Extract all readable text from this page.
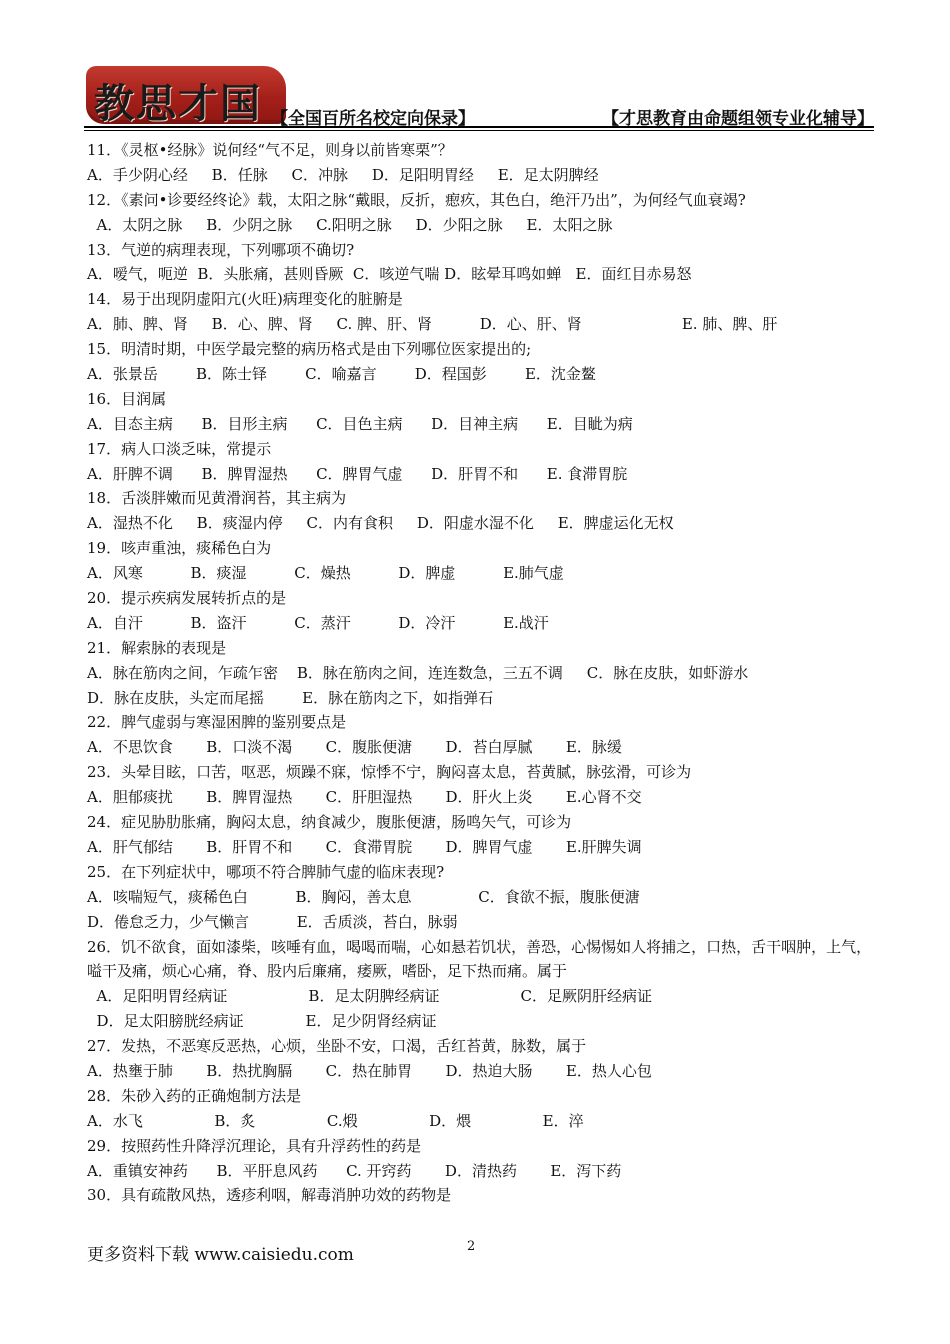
教思才国 【全国百所名校定向保录】	【才思教育由命题组领专业化辅导】
11．《灵枢•经脉》说何经“气不足，则身以前皆寒栗”？
A．手少阴心经     B．任脉     C．冲脉     D．足阳明胃经     E．足太阴脾经
12．《素问•诊要经终论》载，太阳之脉“戴眼，反折，瘛疚，其色白，绝汗乃出”，为何经气血衰竭?
A．太阴之脉     B．少阴之脉     C.阳明之脉     D．少阳之脉     E．太阳之脉
13．气逆的病理表现，下列哪项不确切?
A．嗳气，呃逆  B．头胀痛，甚则昏厥  C．咳逆气喘 D．眩晕耳鸣如蝉   E．面红目赤易怒
14．易于出现阴虚阳亢(火旺)病理变化的脏腑是
A．肺、脾、肾     B．心、脾、肾     C. 脾、肝、肾          D．心、肝、肾                     E. 肺、脾、肝
15．明清时期，中医学最完整的病历格式是由下列哪位医家提出的;
A．张景岳        B．陈士铎        C．喻嘉言        D．程国彭        E．沈金鳌
16．目润属
A．目态主病      B．目形主病      C．目色主病      D．目神主病      E．目眦为病
17．病人口淡乏味，常提示
A．肝脾不调      B．脾胃湿热      C．脾胃气虚      D．肝胃不和      E. 食滞胃脘
18．舌淡胖嫩而见黄滑润苔，其主病为
A．湿热不化     B．痰湿内停     C．内有食积     D．阳虚水湿不化     E．脾虚运化无权
19．咳声重浊，痰稀色白为
A．风寒          B．痰湿          C．燥热          D．脾虚          E.肺气虚
20．提示疾病发展转折点的是
A．自汗          B．盗汗          C．蒸汗          D．冷汗          E.战汗
21．解索脉的表现是
A．脉在筋肉之间，乍疏乍密    B．脉在筋肉之间，连连数急，三五不调     C．脉在皮肤，如虾游水
D．脉在皮肤，头定而尾摇        E．脉在筋肉之下，如指弹石
22．脾气虚弱与寒湿困脾的鉴别要点是
A．不思饮食       B．口淡不渴       C．腹胀便溏       D．苔白厚腻       E．脉缓
23．头晕目眩，口苦，呕恶，烦躁不寐，惊悸不宁，胸闷喜太息，苔黄腻，脉弦滑，可诊为
A．胆郁痰扰       B．脾胃湿热       C．肝胆湿热       D．肝火上炎       E.心肾不交
24．症见胁肋胀痛，胸闷太息，纳食减少，腹胀便溏，肠鸣矢气，可诊为
A．肝气郁结       B．肝胃不和       C．食滞胃脘       D．脾胃气虚       E.肝脾失调
25．在下列症状中，哪项不符合脾肺气虚的临床表现?
A．咳喘短气，痰稀色白          B．胸闷，善太息              C．食欲不振，腹胀便溏
D．倦怠乏力，少气懒言          E．舌质淡，苔白，脉弱
26．饥不欲食，面如漆柴，咳唾有血，喝喝而喘，心如悬若饥状，善恐，心惕惕如人将捕之，口热，舌干咽肿，上气，嗌干及痛，烦心心痛，脊、股内后廉痛，痿厥，嗜卧，足下热而痛。属于
A．足阳明胃经病证                 B．足太阴脾经病证                 C．足厥阴肝经病证
D．足太阳膀胱经病证             E．足少阴肾经病证
27．发热，不恶寒反恶热，心烦，坐卧不安，口渴，舌红苔黄，脉数，属于
A．热壅于肺       B．热扰胸膈       C．热在肺胃       D．热迫大肠       E．热人心包
28．朱砂入药的正确炮制方法是
A．水飞               B．炙               C.煅               D．煨               E．淬
29．按照药性升降浮沉理论，具有升浮药性的药是
A．重镇安神药      B．平肝息风药      C. 开窍药       D．清热药       E．泻下药
30．具有疏散风热，透疹利咽，解毒消肿功效的药物是
更多资料下载 www.caisiedu.com	2
